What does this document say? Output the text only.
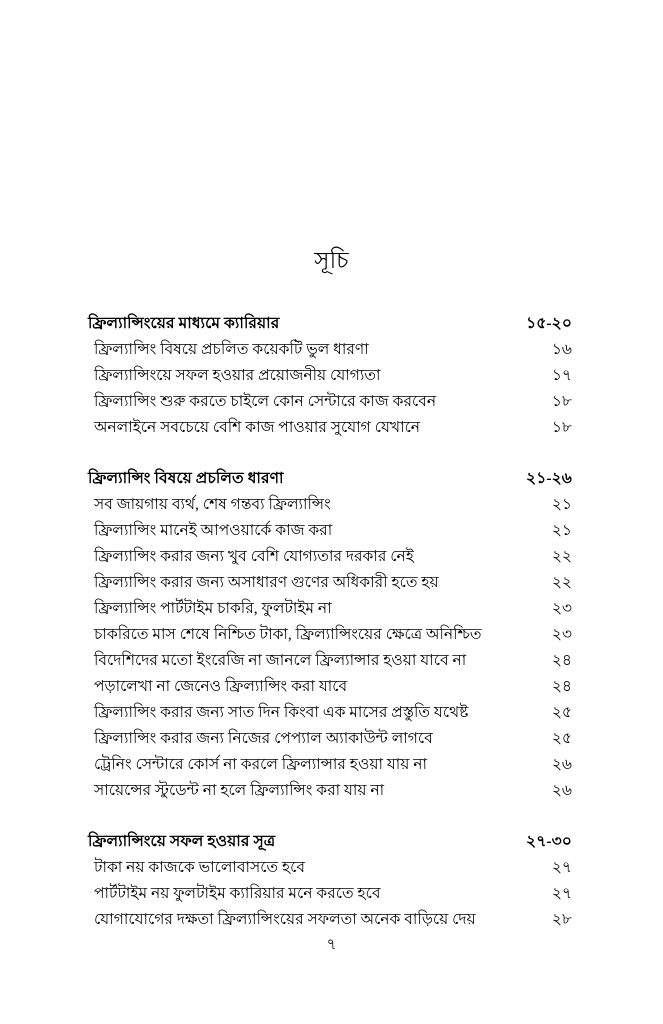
সূচি
ফ্রিল্যান্সিংয়ের মাধ্যমে ক্যারিয়ার	১৫-২০
ফ্রিল্যান্সিং বিষয়ে প্রচলিত কয়েকটি ভুল ধারণা	১৬
ফ্রিল্যান্সিংয়ে সফল হওয়ার প্রয়োজনীয় যোগ্যতা	১৭
ফ্রিল্যান্সিং শুরু করতে চাইলে কোন সেন্টারে কাজ করবেন	১৮
অনলাইনে সবচেয়ে বেশি কাজ পাওয়ার সুযোগ যেখানে	১৮
ফ্রিল্যান্সিং বিষয়ে প্রচলিত ধারণা	২১-২৬
সব জায়গায় ব্যর্থ, শেষ গন্তব্য ফ্রিল্যান্সিং	২১
ফ্রিল্যান্সিং মানেই আপওয়ার্কে কাজ করা	২১
ফ্রিল্যান্সিং করার জন্য খুব বেশি যোগ্যতার দরকার নেই	২২
ফ্রিল্যান্সিং করার জন্য অসাধারণ গুণের অধিকারী হতে হয়	২২
ফ্রিল্যান্সিং পার্টটাইম চাকরি, ফুলটাইম না	২৩
চাকরিতে মাস শেষে নিশ্চিত টাকা, ফ্রিল্যান্সিংয়ের ক্ষেত্রে অনিশ্চিত	২৩
বিদেশিদের মতো ইংরেজি না জানলে ফ্রিল্যান্সার হওয়া যাবে না	২৪
পড়ালেখা না জেনেও ফ্রিল্যান্সিং করা যাবে	২৪
ফ্রিল্যান্সিং করার জন্য সাত দিন কিংবা এক মাসের প্রস্তুতি যথেষ্ট	২৫
ফ্রিল্যান্সিং করার জন্য নিজের পেপ্যাল অ্যাকাউন্ট লাগবে	২৫
ট্রেনিং সেন্টারে কোর্স না করলে ফ্রিল্যান্সার হওয়া যায় না	২৬
সায়েন্সের স্টুডেন্ট না হলে ফ্রিল্যান্সিং করা যায় না	২৬
ফ্রিল্যান্সিংয়ে সফল হওয়ার সূত্র	২৭-৩০
টাকা নয় কাজকে ভালোবাসতে হবে	২৭
পার্টটাইম নয় ফুলটাইম ক্যারিয়ার মনে করতে হবে	২৭
যোগাযোগের দক্ষতা ফ্রিল্যান্সিংয়ের সফলতা অনেক বাড়িয়ে দেয়	২৮
৭
